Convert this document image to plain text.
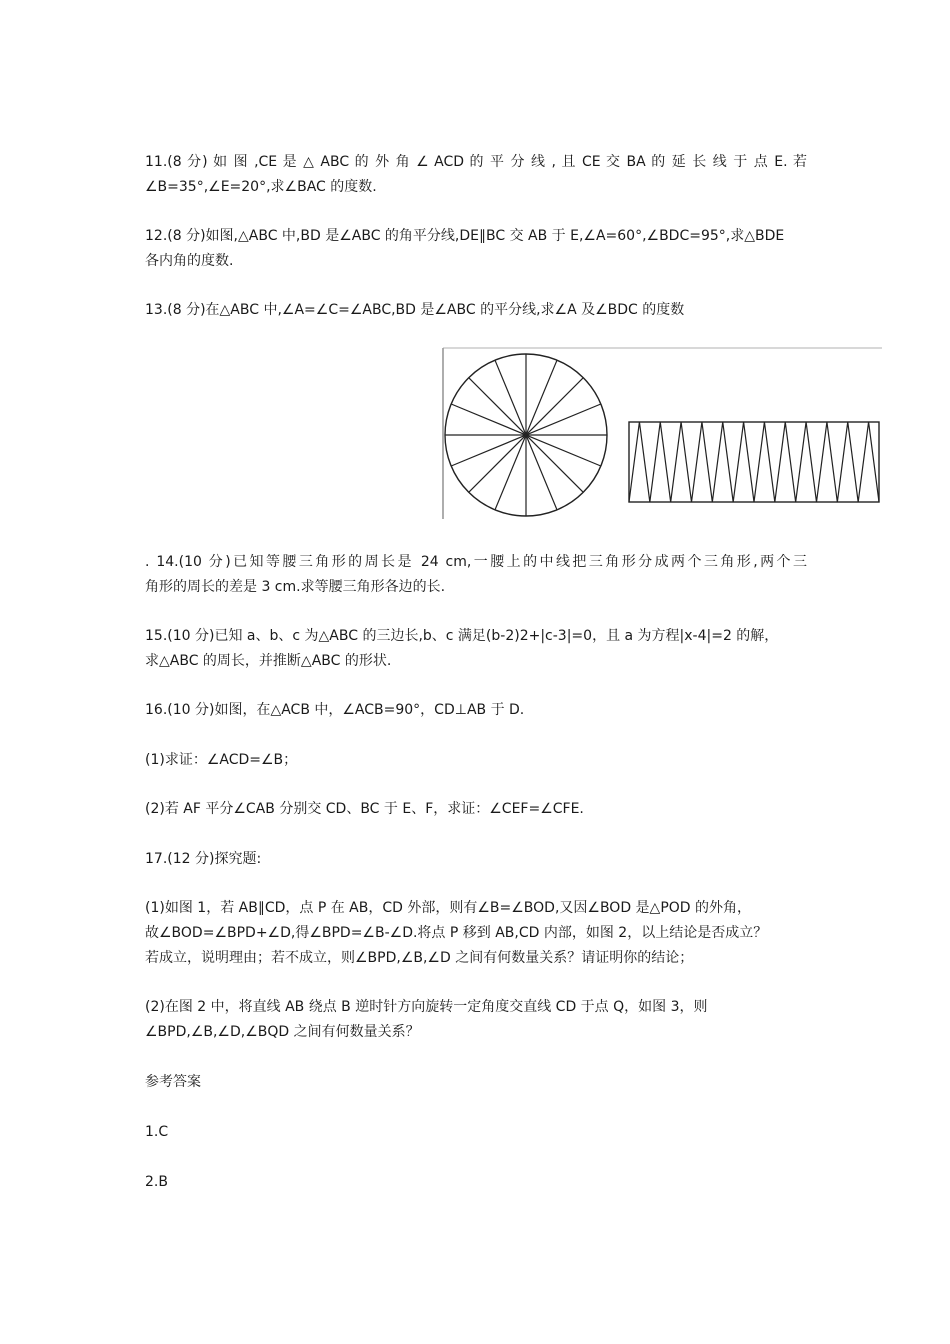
11.(8 分) 如 图 ,CE 是 △ ABC 的 外 角 ∠ ACD 的 平 分 线 , 且 CE 交 BA 的 延 长 线 于 点 E. 若
∠B=35°,∠E=20°,求∠BAC 的度数.
12.(8 分)如图,△ABC 中,BD 是∠ABC 的角平分线,DE∥BC 交 AB 于 E,∠A=60°,∠BDC=95°,求△BDE
各内角的度数.
13.(8 分)在△ABC 中,∠A=∠C=∠ABC,BD 是∠ABC 的平分线,求∠A 及∠BDC 的度数
. 14.(10 分)已知等腰三角形的周长是 24 cm,一腰上的中线把三角形分成两个三角形,两个三
角形的周长的差是 3 cm.求等腰三角形各边的长.
15.(10 分)已知 a、b、c 为△ABC 的三边长,b、c 满足(b-2)2+|c-3|=0，且 a 为方程|x-4|=2 的解，
求△ABC 的周长，并推断△ABC 的形状.
16.(10 分)如图，在△ACB 中，∠ACB=90°，CD⊥AB 于 D.
(1)求证：∠ACD=∠B；
(2)若 AF 平分∠CAB 分别交 CD、BC 于 E、F，求证：∠CEF=∠CFE.
17.(12 分)探究题:
(1)如图 1，若 AB∥CD，点 P 在 AB，CD 外部，则有∠B=∠BOD,又因∠BOD 是△POD 的外角，
故∠BOD=∠BPD+∠D,得∠BPD=∠B-∠D.将点 P 移到 AB,CD 内部，如图 2，以上结论是否成立？
若成立，说明理由；若不成立，则∠BPD,∠B,∠D 之间有何数量关系？请证明你的结论；
(2)在图 2 中，将直线 AB 绕点 B 逆时针方向旋转一定角度交直线 CD 于点 Q，如图 3，则
∠BPD,∠B,∠D,∠BQD 之间有何数量关系？
参考答案
1.C
2.B
